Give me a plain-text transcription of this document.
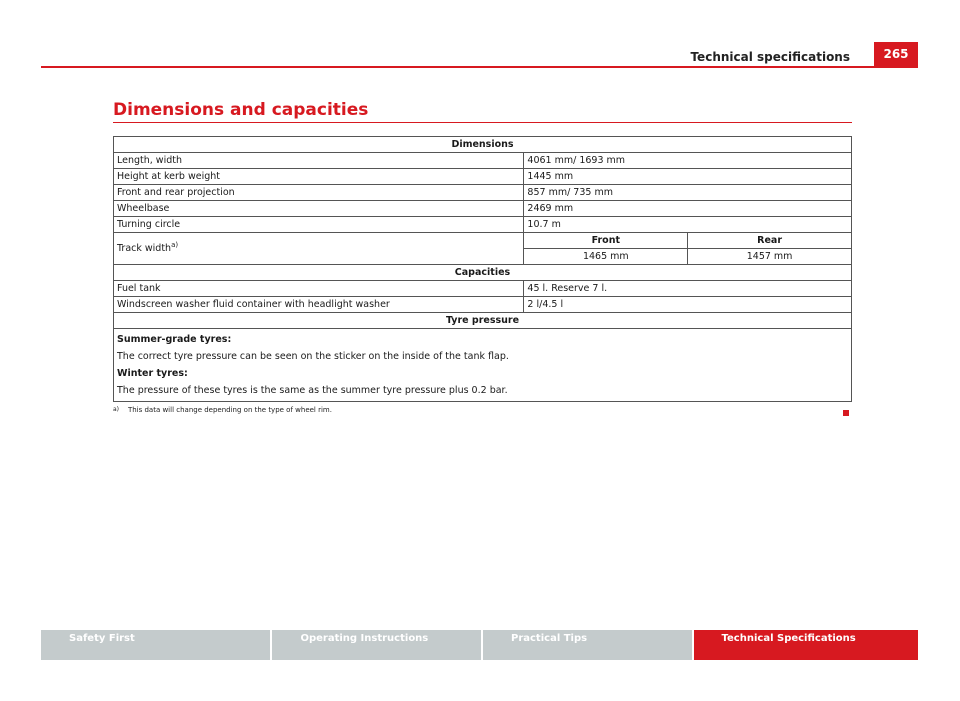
Technical specifications	265
Dimensions and capacities
Dimensions		
Length, width	4061 mm/ 1693 mm	
Height at kerb weight	1445 mm	
Front and rear projection	857 mm/ 735 mm	
Wheelbase	2469 mm	
Turning circle	10.7 m	
Track width$^{a)}$	Front	Rear
	1465 mm	1457 mm
Capacities		
Fuel tank	45 l. Reserve 7 l.	
Windscreen washer fluid container with headlight washer	2 l/4.5 l	
Tyre pressure		

Summer-grade tyres:
The correct tyre pressure can be seen on the sticker on the inside of the tank flap.
Winter tyres:
The pressure of these tyres is the same as the summer tyre pressure plus 0.2 bar.		
$^{a)}$ This data will change depending on the type of wheel rim.
Safety First	Operating Instructions	Practical Tips	Technical Specifications
